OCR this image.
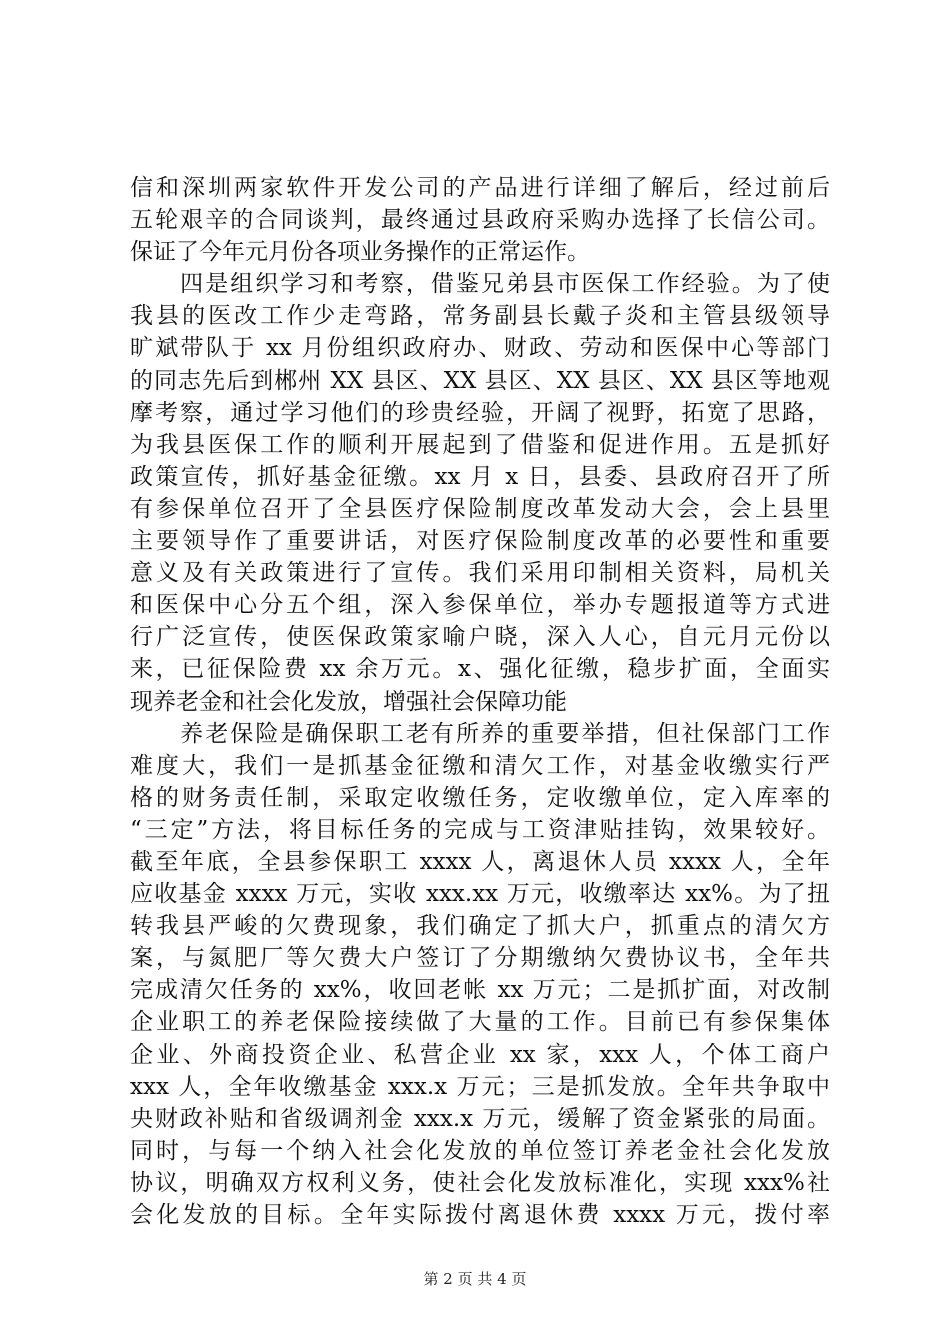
信和深圳两家软件开发公司的产品进行详细了解后，经过前后
五轮艰辛的合同谈判，最终通过县政府采购办选择了长信公司。
保证了今年元月份各项业务操作的正常运作。
　　四是组织学习和考察，借鉴兄弟县市医保工作经验。为了使
我县的医改工作少走弯路，常务副县长戴子炎和主管县级领导
旷斌带队于 xx 月份组织政府办、财政、劳动和医保中心等部门
的同志先后到郴州 XX 县区、XX 县区、XX 县区、XX 县区等地观
摩考察，通过学习他们的珍贵经验，开阔了视野，拓宽了思路，
为我县医保工作的顺利开展起到了借鉴和促进作用。五是抓好
政策宣传，抓好基金征缴。xx 月 x 日，县委、县政府召开了所
有参保单位召开了全县医疗保险制度改革发动大会，会上县里
主要领导作了重要讲话，对医疗保险制度改革的必要性和重要
意义及有关政策进行了宣传。我们采用印制相关资料，局机关
和医保中心分五个组，深入参保单位，举办专题报道等方式进
行广泛宣传，使医保政策家喻户晓，深入人心，自元月元份以
来，已征保险费 xx 余万元。x、强化征缴，稳步扩面，全面实
现养老金和社会化发放，增强社会保障功能
　　养老保险是确保职工老有所养的重要举措，但社保部门工作
难度大，我们一是抓基金征缴和清欠工作，对基金收缴实行严
格的财务责任制，采取定收缴任务，定收缴单位，定入库率的
“三定”方法，将目标任务的完成与工资津贴挂钩，效果较好。
截至年底，全县参保职工 xxxx 人，离退休人员 xxxx 人，全年
应收基金 xxxx 万元，实收 xxx.xx 万元，收缴率达 xx%。为了扭
转我县严峻的欠费现象，我们确定了抓大户，抓重点的清欠方
案，与氮肥厂等欠费大户签订了分期缴纳欠费协议书，全年共
完成清欠任务的 xx%，收回老帐 xx 万元；二是抓扩面，对改制
企业职工的养老保险接续做了大量的工作。目前已有参保集体
企业、外商投资企业、私营企业 xx 家，xxx 人，个体工商户
xxx 人，全年收缴基金 xxx.x 万元；三是抓发放。全年共争取中
央财政补贴和省级调剂金 xxx.x 万元，缓解了资金紧张的局面。
同时，与每一个纳入社会化发放的单位签订养老金社会化发放
协议，明确双方权利义务，使社会化发放标准化，实现 xxx%社
会化发放的目标。全年实际拨付离退休费 xxxx 万元，拨付率
第 2 页 共 4 页
